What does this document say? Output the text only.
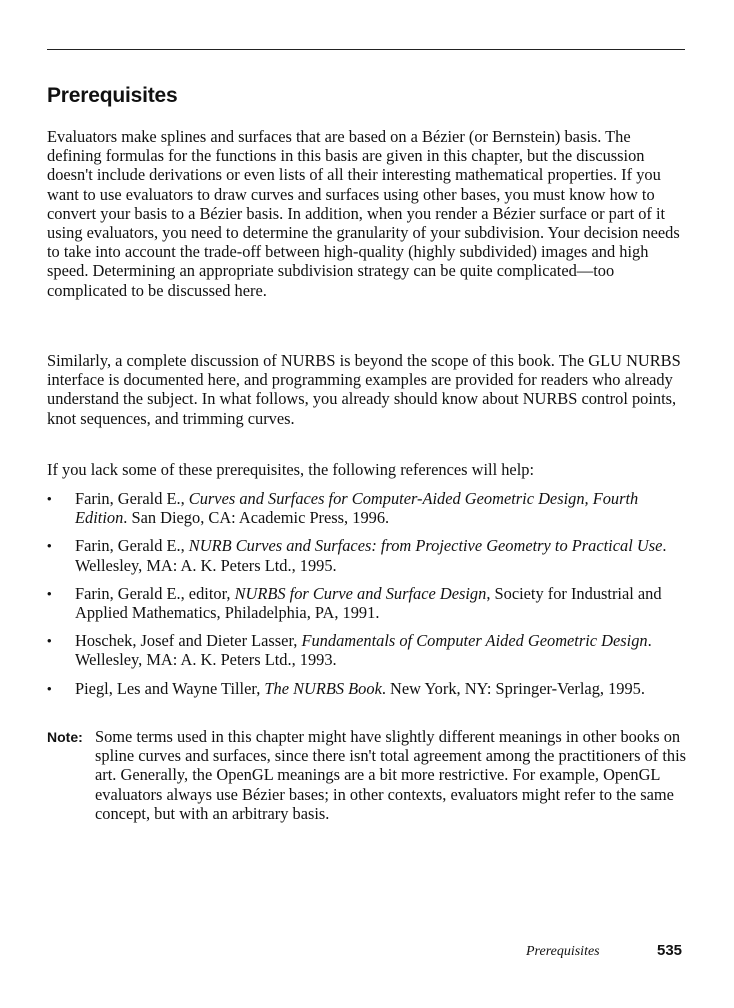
Prerequisites

Evaluators make splines and surfaces that are based on a Bézier (or Bernstein) basis. The defining formulas for the functions in this basis are given in this chapter, but the discussion doesn't include derivations or even lists of all their interesting mathematical properties. If you want to use evaluators to draw curves and surfaces using other bases, you must know how to convert your basis to a Bézier basis. In addition, when you render a Bézier surface or part of it using evaluators, you need to determine the granularity of your subdivision. Your decision needs to take into account the trade-off between high-quality (highly subdivided) images and high speed. Determining an appropriate subdivision strategy can be quite complicated—too complicated to be discussed here.

Similarly, a complete discussion of NURBS is beyond the scope of this book. The GLU NURBS interface is documented here, and programming examples are provided for readers who already understand the subject. In what follows, you already should know about NURBS control points, knot sequences, and trimming curves.

If you lack some of these prerequisites, the following references will help:

•	Farin, Gerald E., Curves and Surfaces for Computer-Aided Geometric Design, Fourth Edition. San Diego, CA: Academic Press, 1996.
•	Farin, Gerald E., NURB Curves and Surfaces: from Projective Geometry to Practical Use. Wellesley, MA: A. K. Peters Ltd., 1995.
•	Farin, Gerald E., editor, NURBS for Curve and Surface Design, Society for Industrial and Applied Mathematics, Philadelphia, PA, 1991.
•	Hoschek, Josef and Dieter Lasser, Fundamentals of Computer Aided Geometric Design. Wellesley, MA: A. K. Peters Ltd., 1993.
•	Piegl, Les and Wayne Tiller, The NURBS Book. New York, NY: Springer-Verlag, 1995.
Note: Some terms used in this chapter might have slightly different meanings in other books on spline curves and surfaces, since there isn't total agreement among the practitioners of this art. Generally, the OpenGL meanings are a bit more restrictive. For example, OpenGL evaluators always use Bézier bases; in other contexts, evaluators might refer to the same concept, but with an arbitrary basis.

Prerequisites	535
